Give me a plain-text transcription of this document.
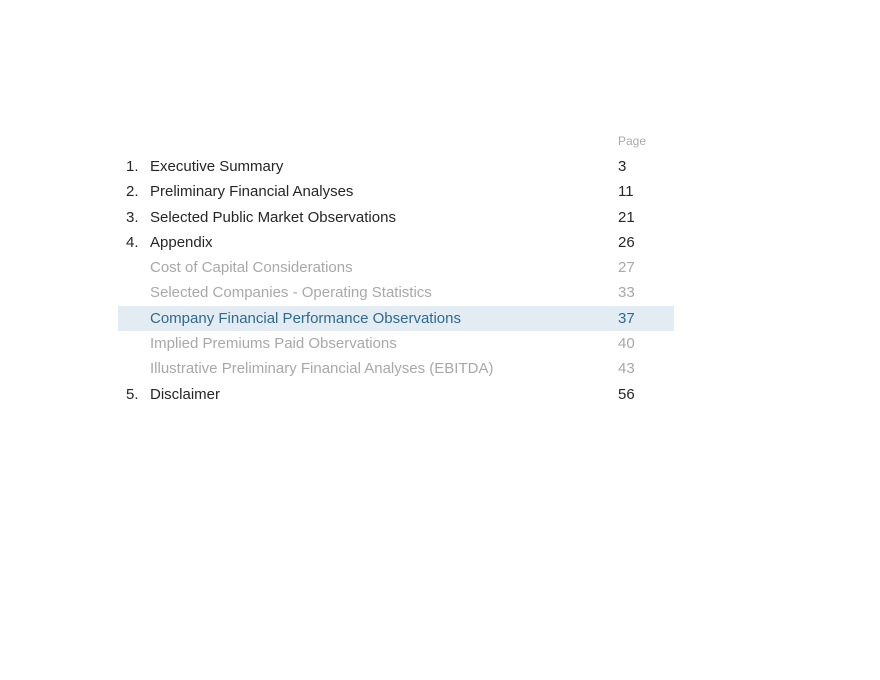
Page
1. Executive Summary	3
2. Preliminary Financial Analyses	11
3. Selected Public Market Observations	21
4. Appendix	26
Cost of Capital Considerations	27
Selected Companies - Operating Statistics	33
Company Financial Performance Observations	37
Implied Premiums Paid Observations	40
Illustrative Preliminary Financial Analyses (EBITDA)	43
5. Disclaimer	56
